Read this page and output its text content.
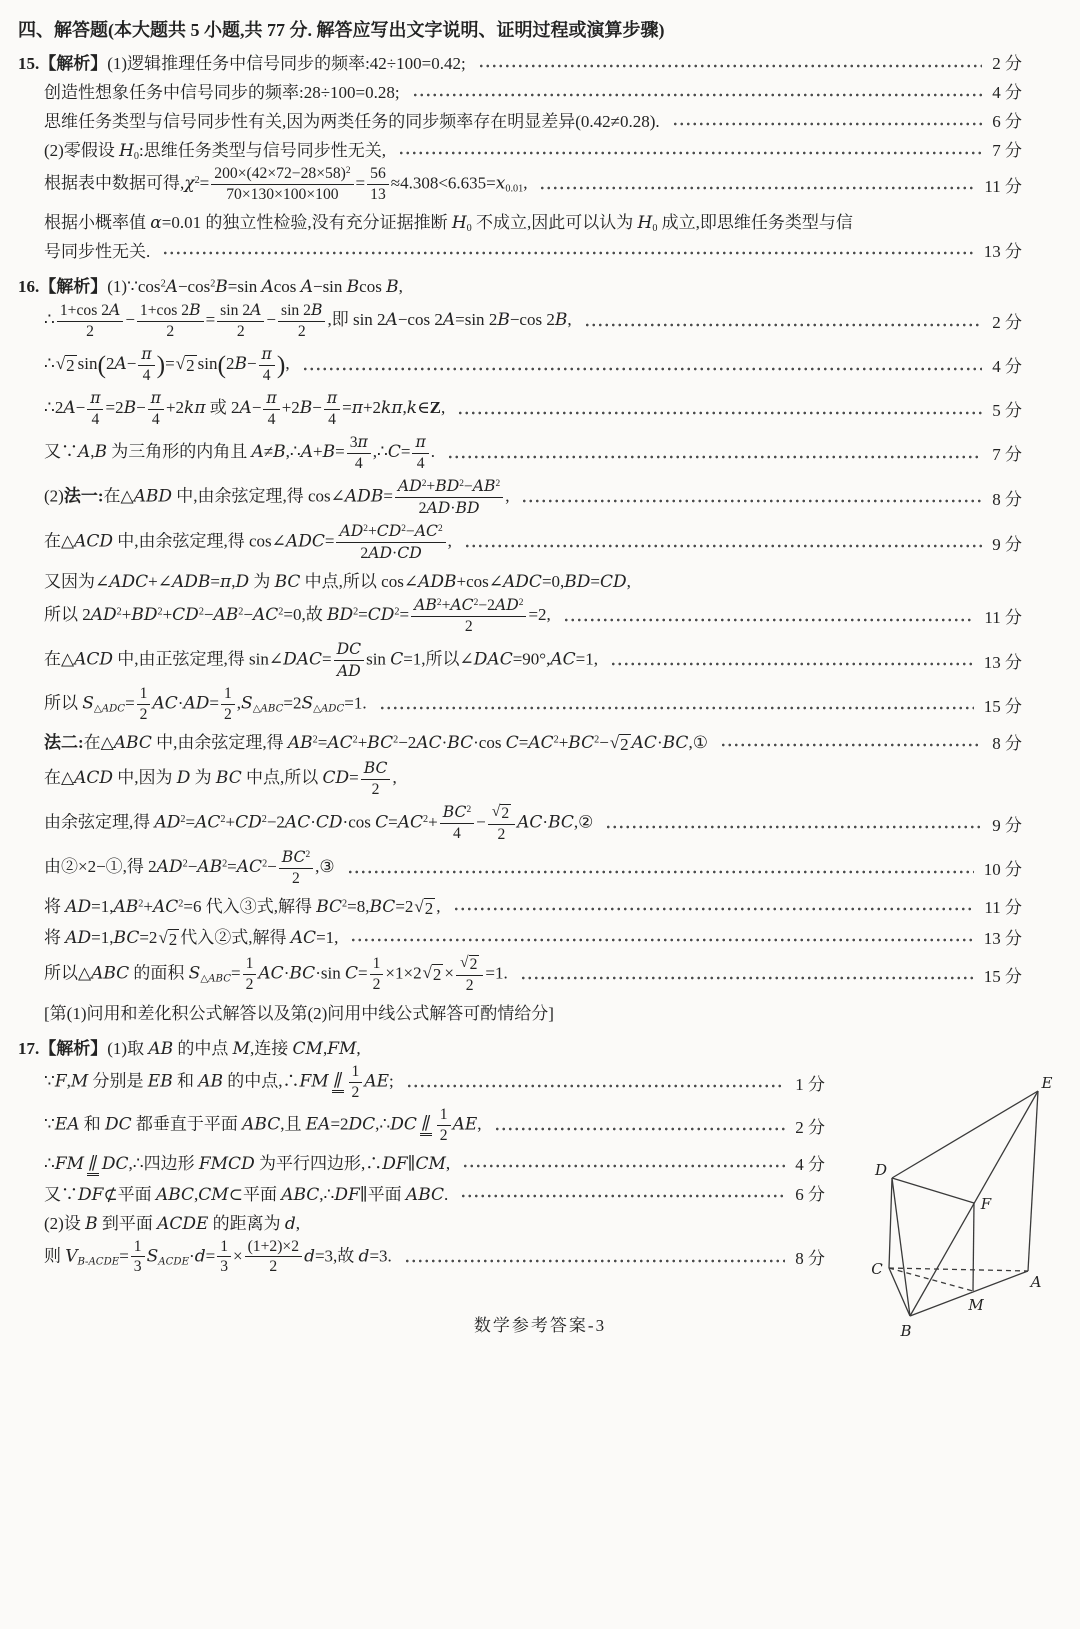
四、解答题(本大题共 5 小题,共 77 分. 解答应写出文字说明、证明过程或演算步骤)
15.【解析】(1)逻辑推理任务中信号同步的频率:42÷100=0.42;	2 分
创造性想象任务中信号同步的频率:28÷100=0.28;	4 分
思维任务类型与信号同步性有关,因为两类任务的同步频率存在明显差异(0.42≠0.28).	6 分
(2)零假设 $H_0$:思维任务类型与信号同步性无关,	7 分
根据表中数据可得$,\chi^2= \frac{200\times(42\times 72-28\times 58)^2}{70\times 130\times 100\times 100} = \frac{56}{13} \approx 4.308<6.635=x_{0.01}$,	11 分
根据小概率值 α=0.01 的独立性检验,没有充分证据推断 $H_0$ 不成立,因此可以认为 $H_0$ 成立,即思维任务类型与信
号同步性无关.	13 分
16.【解析】$(1)\because\cos^2A-\cos^2B=\sin$ Acos A−sin Bcos B,
∴ $\frac{1+\cos 2A}{2} - \frac{1+\cos 2B}{2} = \frac{\sin 2A}{2} - \frac{\sin 2B}{2}$ ,即 sin 2A−cos 2A=sin 2B−cos 2B,	2 分
∴ √ 2 $\sin(2A- \frac{\pi}{4}$ )= √ 2 $\sin(2B- \frac{\pi}{4}$ ),	4 分
∴2A− $\frac{\pi}{4} =2B- \frac{\pi}{4} +2k\pi$ 或 $2A- \frac{\pi}{4} +2B- \frac{\pi}{4}$ =π+2kπ,k∈Z,	5 分
又∵A,B 为三角形的内角且 A≠B,∴A+B= $\frac{3\pi}{4}$ ,∴C= $\frac{\pi}{4}$ .	7 分
(2)法一:在△ABD 中,由余弦定理,得 cos∠ADB= $\frac{AD^2+BD^2-AB^2}{2AD\cdot BD}$ ,	8 分
在△ACD 中,由余弦定理,得 cos∠ADC= $\frac{AD^2+CD^2-AC^2}{2AD\cdot CD}$ ,	9 分
又因为∠ADC+∠ADB=π,D 为 BC 中点,所以 cos∠ADB+cos∠ADC=0,BD=CD,
所以 $2AD^2+BD^2+CD^2-AB^2-AC^2=0$,故 $BD^2=CD^2= \frac{AB^2+AC^2-2AD^2}{2} =2$,	11 分
在△ACD 中,由正弦定理,得 sin∠DAC= $\frac{DC}{AD}$ sin C=1,所以∠DAC=90°,AC=1,	13 分
所以 $S_{\triangle ADC}= \frac{1}{2} AC\cdot AD= \frac{1}{2} ,S_{\triangle ABC}=2S_{\triangle ADC}=1$.	15 分
法二:在△ABC 中,由余弦定理,得 $AB^2=AC^2+BC^2-2AC\cdot BC\cdot\cos$ $C=AC^2+BC^2-$ √ 2 AC·BC,①	8 分
在△ACD 中,因为 D 为 BC 中点,所以 $CD= \frac{BC}{2}$ ,
由余弦定理,得 $AD^2=AC^2+CD^2-2AC\cdot CD\cdot\cos$ $C=AC^2+ \frac{BC^2}{4} - \frac{√ 2}{2}$ AC·BC,②	9 分
由②×2−①,得 $2AD^2-AB^2=AC^2- \frac{BC^2}{2}$ ,③	10 分
将 $AD=1,AB^2+AC^2=6$ 代入③式,解得 $BC^2=8,BC=2$ √ 2 ,	11 分
将 AD=1,BC=2 √ 2 代入②式,解得 AC=1,	13 分
所以△ABC 的面积 $S_{\triangle ABC}= \frac{1}{2} AC\cdot BC\cdot\sin$ $C= \frac{1}{2} \times 1\times 2$ √ $2 \times \frac{√ 2}{2} =1$.	15 分
[第(1)问用和差化积公式解答以及第(2)问用中线公式解答可酌情给分]
17.【解析】(1)取 AB 的中点 M,连接 CM,FM,
∵F,M 分别是 EB 和 AB 的中点,∴FM ∥ $\frac{1}{2}$ AE;	1 分
∵EA 和 DC 都垂直于平面 ABC,且 EA=2DC,∴DC ∥ $\frac{1}{2}$ AE,	2 分
∴FM ∥ DC,∴四边形 FMCD 为平行四边形,∴DF∥CM,	4 分
又∵DF⊄平面 ABC,CM⊂平面 ABC,∴DF∥平面 ABC.	6 分
(2)设 B 到平面 ACDE 的距离为 d,
则 $V_{B-ACDE}= \frac{1}{3} S_{ACDE}\cdot d= \frac{1}{3} \times \frac{(1+2)\times 2}{2} d=3$,故 d=3.	8 分
E
D
F
C
A
M
B
数学参考答案-3
